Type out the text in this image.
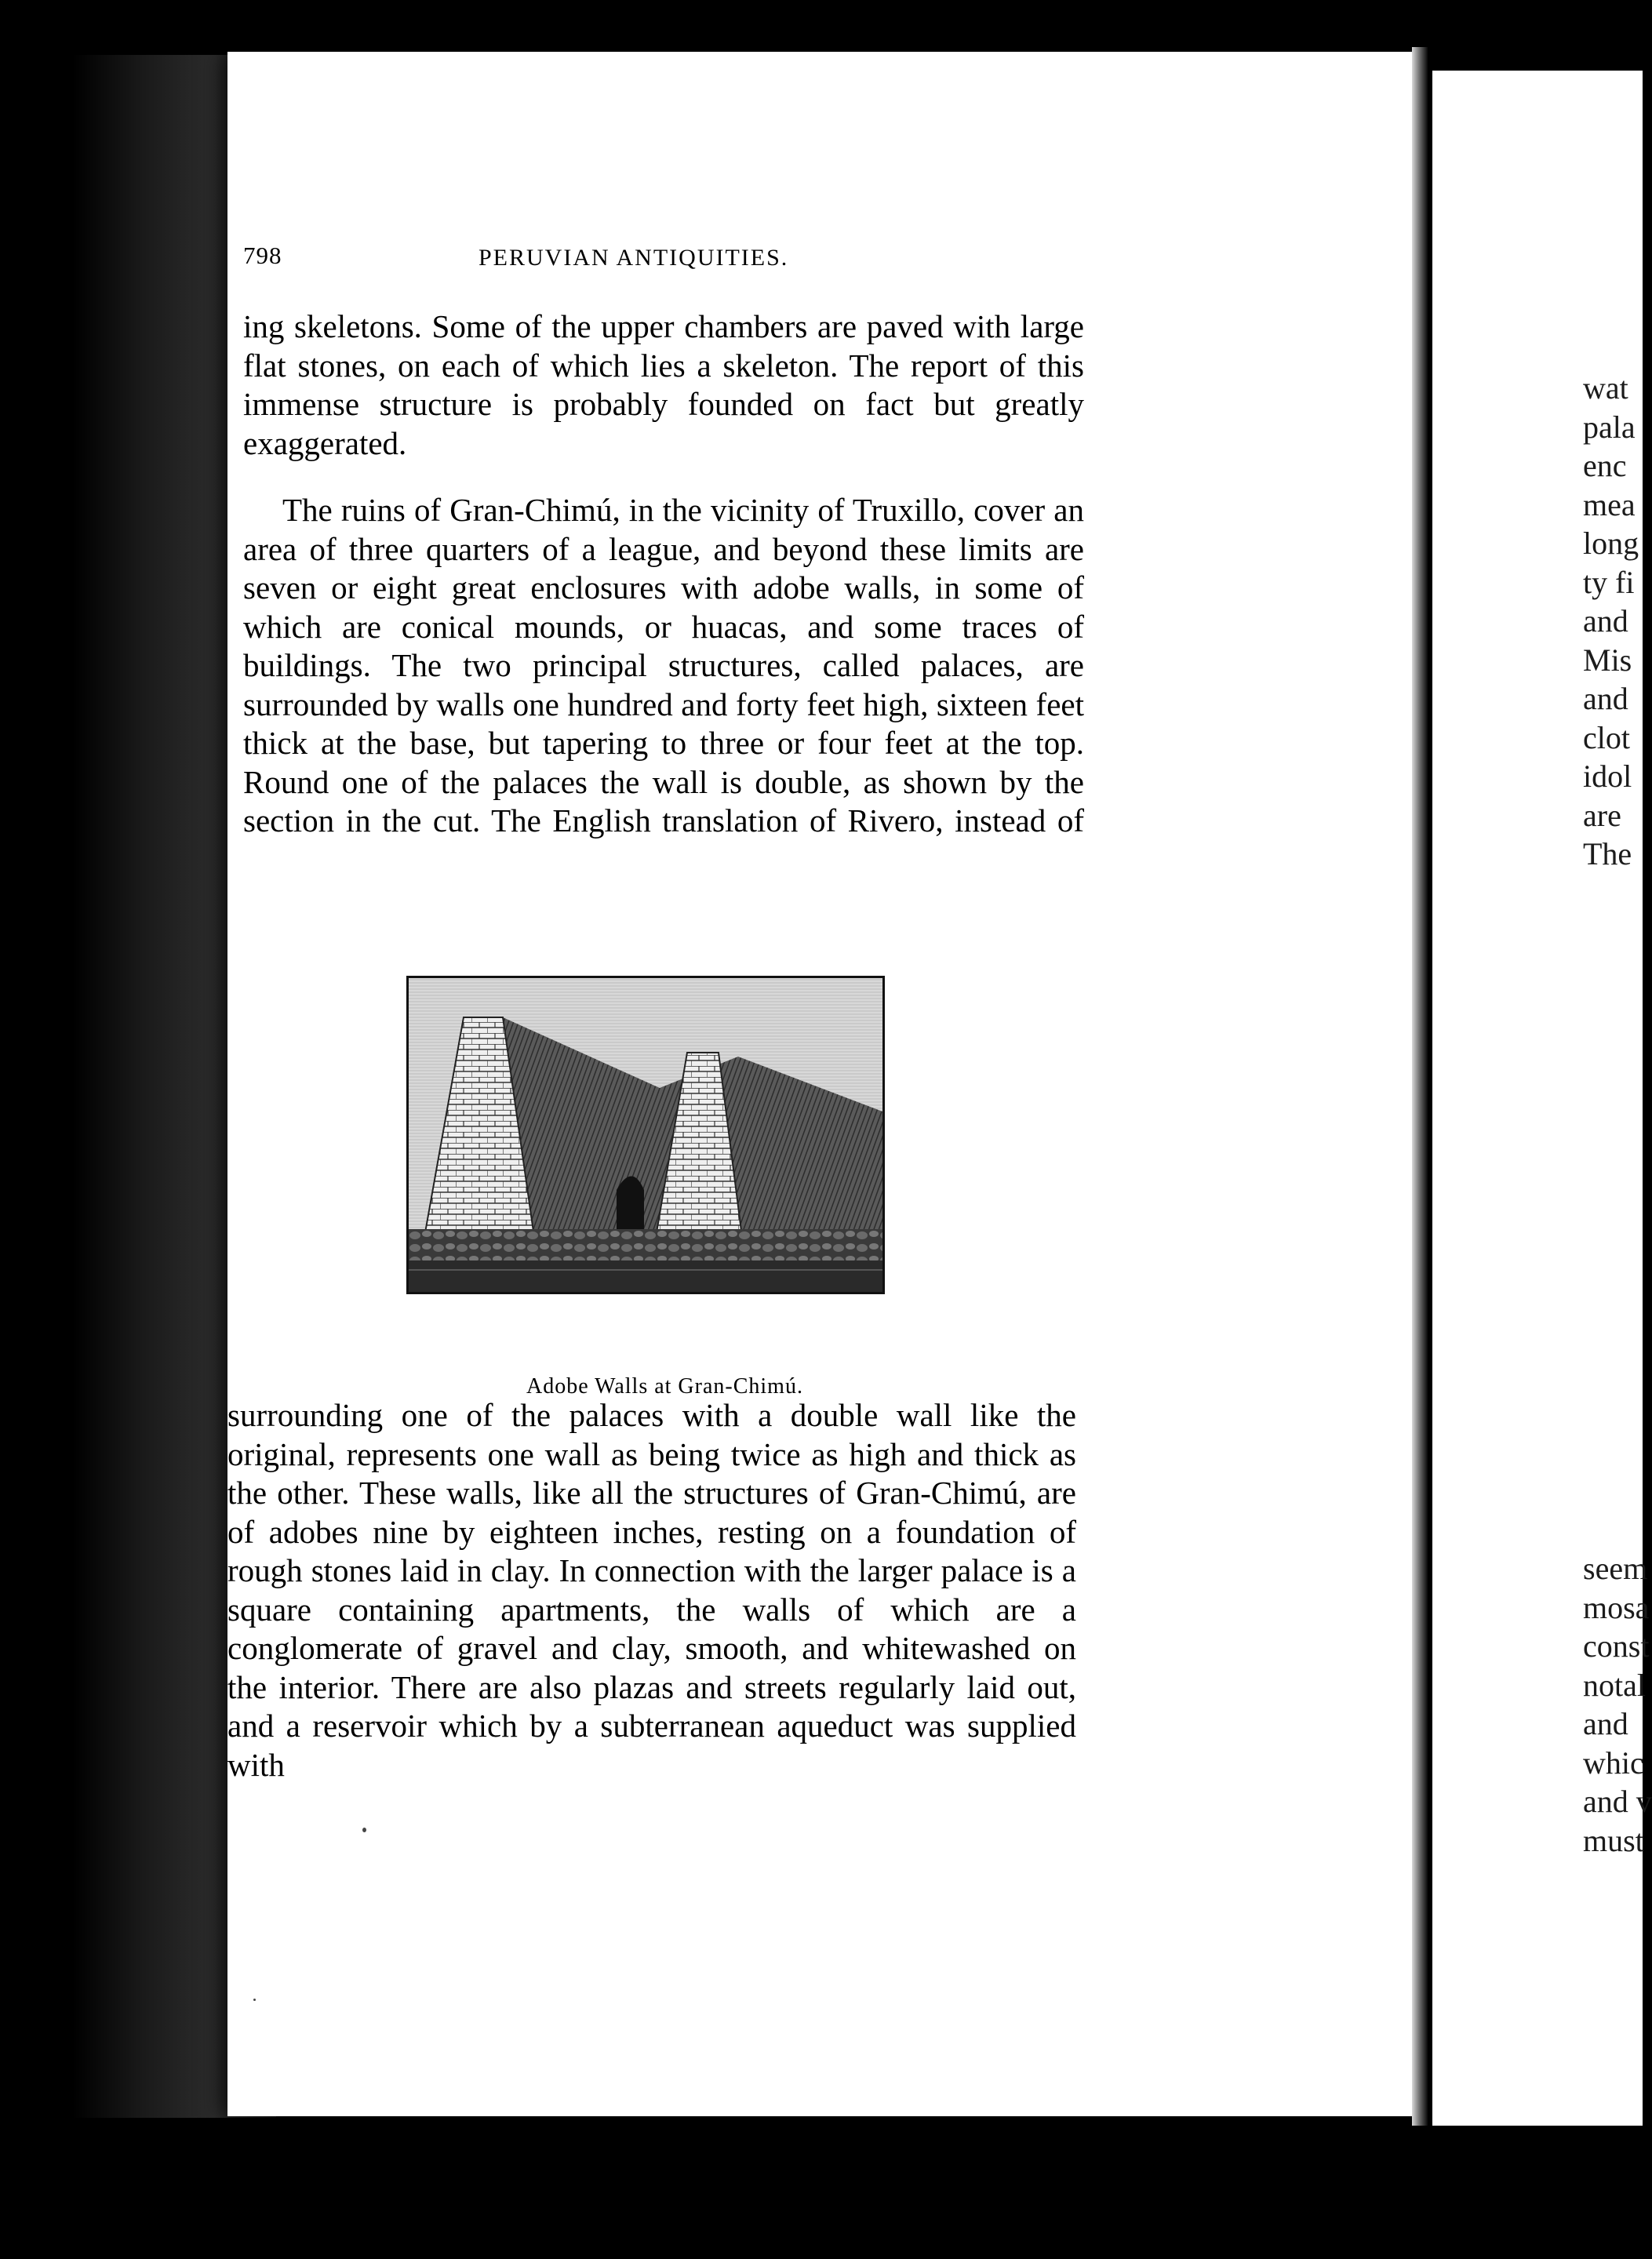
798	PERUVIAN ANTIQUITIES.

ing skeletons. Some of the upper chambers are paved with large flat stones, on each of which lies a skeleton. The report of this immense structure is probably founded on fact but greatly exaggerated.

The ruins of Gran-Chimú, in the vicinity of Truxillo, cover an area of three quarters of a league, and beyond these limits are seven or eight great enclosures with adobe walls, in some of which are conical mounds, or huacas, and some traces of buildings. The two principal structures, called palaces, are surrounded by walls one hundred and forty feet high, sixteen feet thick at the base, but tapering to three or four feet at the top. Round one of the palaces the wall is double, as shown by the section in the cut. The English translation of Rivero, instead of

Adobe Walls at Gran-Chimú.

surrounding one of the palaces with a double wall like the original, represents one wall as being twice as high and thick as the other. These walls, like all the structures of Gran-Chimú, are of adobes nine by eighteen inches, resting on a foundation of rough stones laid in clay. In connection with the larger palace is a square containing apartments, the walls of which are a conglomerate of gravel and clay, smooth, and whitewashed on the interior. There are also plazas and streets regularly laid out, and a reservoir which by a subterranean aqueduct was supplied with

wat
pala
enc
mea
long
ty fi
and
Mis
and
clot
idol
are
The
seem
mosa
const
notal
and
whic
and v
must
